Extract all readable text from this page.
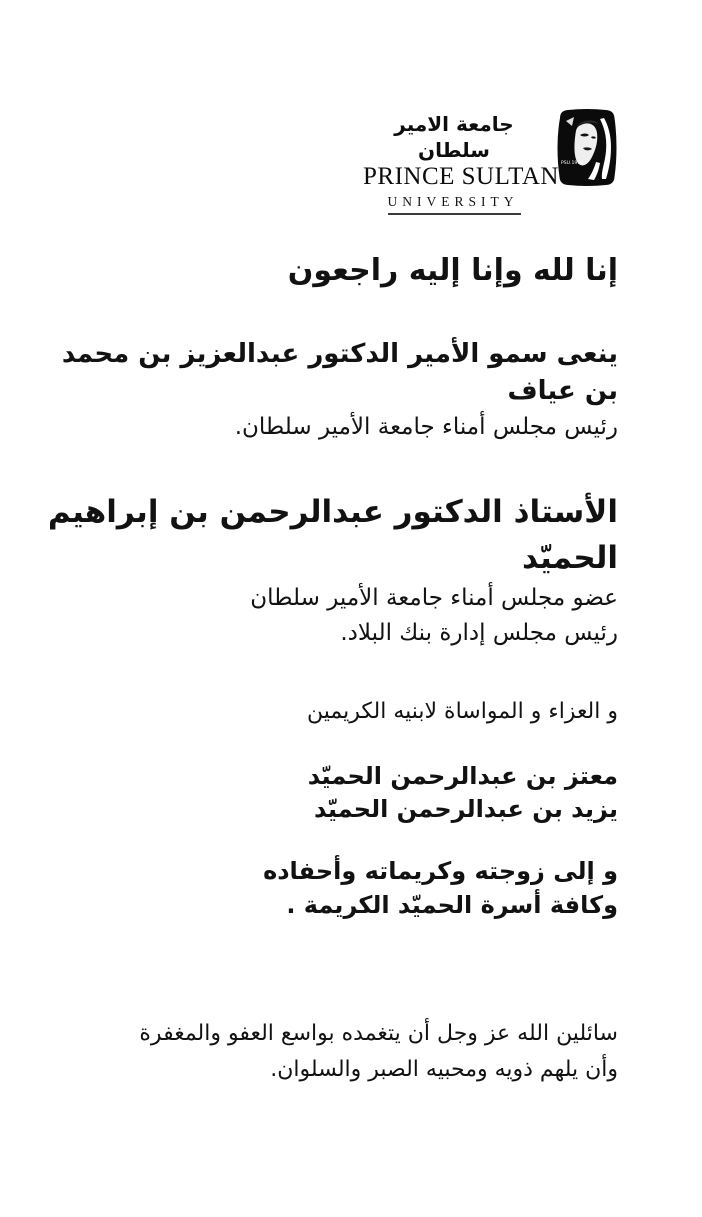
جامعة الامير سلطان
PRINCE SULTAN
UNIVERSITY
PSU.1998
إنا لله وإنا إليه راجعون
ينعى سمو الأمير الدكتور عبدالعزيز بن محمد بن عياف
رئيس مجلس أمناء جامعة الأمير سلطان.
الأستاذ الدكتور عبدالرحمن بن إبراهيم الحميّد
عضو مجلس أمناء جامعة الأمير سلطان
رئيس مجلس إدارة بنك البلاد.
و العزاء و المواساة لابنيه الكريمين
معتز بن عبدالرحمن الحميّد
يزيد بن عبدالرحمن الحميّد
و إلى زوجته وكريماته وأحفاده
وكافة أسرة الحميّد الكريمة .
سائلين الله عز وجل أن يتغمده بواسع العفو والمغفرة
وأن يلهم ذويه ومحبيه الصبر والسلوان.
